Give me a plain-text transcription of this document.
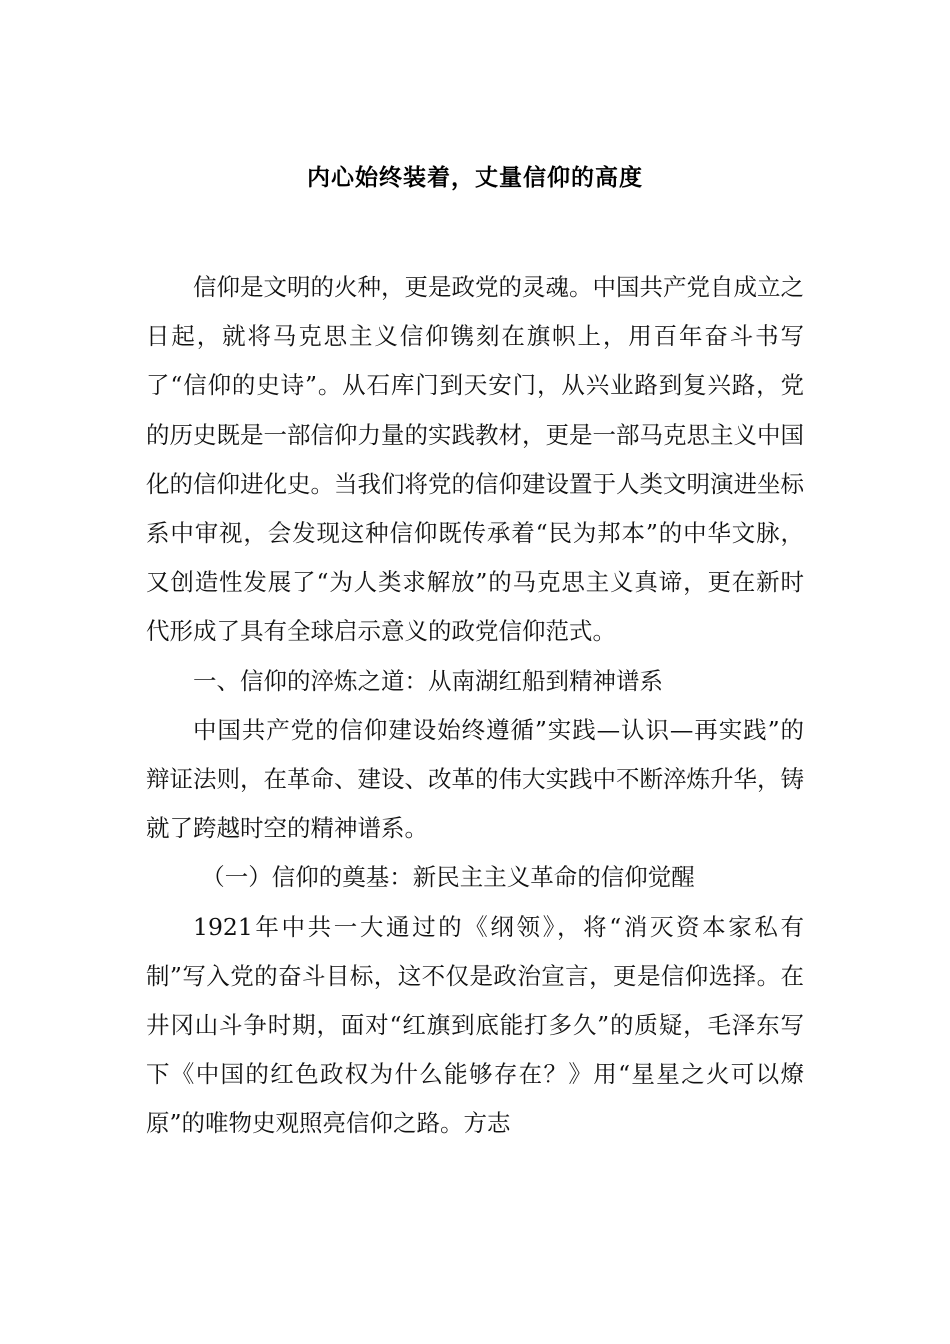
内心始终装着，丈量信仰的高度

信仰是文明的火种，更是政党的灵魂。中国共产党自成立之日起，就将马克思主义信仰镌刻在旗帜上，用百年奋斗书写了“信仰的史诗”。从石库门到天安门，从兴业路到复兴路，党的历史既是一部信仰力量的实践教材，更是一部马克思主义中国化的信仰进化史。当我们将党的信仰建设置于人类文明演进坐标系中审视，会发现这种信仰既传承着“民为邦本”的中华文脉，又创造性发展了“为人类求解放”的马克思主义真谛，更在新时代形成了具有全球启示意义的政党信仰范式。

一、信仰的淬炼之道：从南湖红船到精神谱系

中国共产党的信仰建设始终遵循”实践—认识—再实践”的辩证法则，在革命、建设、改革的伟大实践中不断淬炼升华，铸就了跨越时空的精神谱系。

（一）信仰的奠基：新民主主义革命的信仰觉醒

1921年中共一大通过的《纲领》，将“消灭资本家私有制”写入党的奋斗目标，这不仅是政治宣言，更是信仰选择。在井冈山斗争时期，面对“红旗到底能打多久”的质疑，毛泽东写下《中国的红色政权为什么能够存在？》用“星星之火可以燎原”的唯物史观照亮信仰之路。方志
